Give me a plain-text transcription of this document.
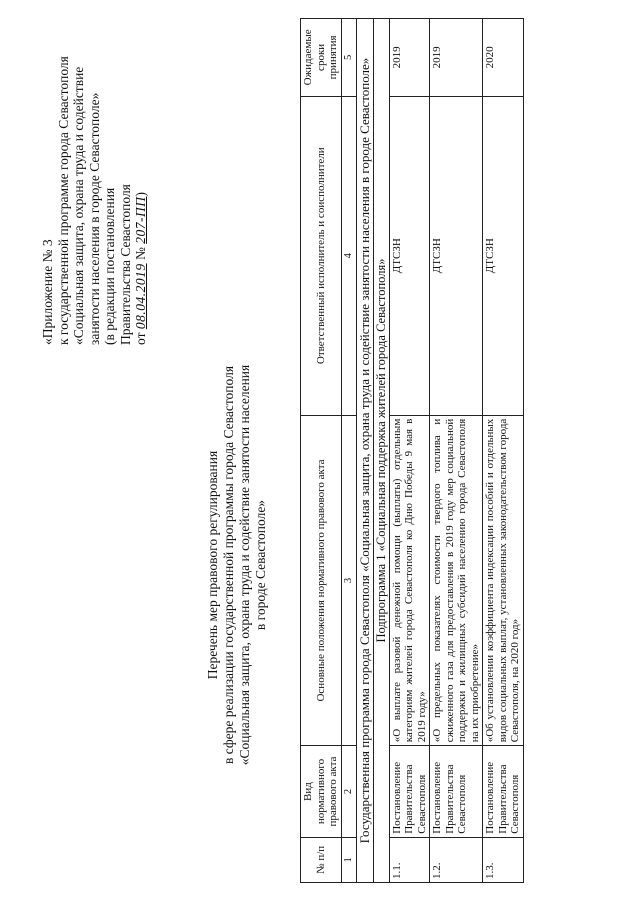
«Приложение № 3 к государственной программе города Севастополя «Социальная защита, охрана труда и содействие занятости населения в городе Севастополе» (в редакции постановления Правительства Севастополя от 08.04.2019 № 207-ПП)
Перечень мер правового регулирования в сфере реализации государственной программы города Севастополя «Социальная защита, охрана труда и содействие занятости населения в городе Севастополе»
№ п/п	Вид нормативного правового акта	Основные положения нормативного правового акта	Ответственный исполнитель и соисполнители	Ожидаемые сроки принятия
1	2	3	4	5
Государственная программа города Севастополя «Социальная защита, охрана труда и содействие занятости населения в городе Севастополе»				
Подпрограмма 1 «Социальная поддержка жителей города Севастополя»				
1.1.	Постановление Правительства Севастополя	«О выплате разовой денежной помощи (выплаты) отдельным категориям жителей города Севастополя ко Дню Победы 9 мая в 2019 году»	ДТСЗН	2019
1.2.	Постановление Правительства Севастополя	«О предельных показателях стоимости твердого топлива и сжиженного газа для предоставления в 2019 году мер социальной поддержки и жилищных субсидий населению города Севастополя на их приобретение»	ДТСЗН	2019
1.3.	Постановление Правительства Севастополя	«Об установлении коэффициента индексации пособий и отдельных видов социальных выплат, установленных законодательством города Севастополя, на 2020 год»	ДТСЗН	2020
